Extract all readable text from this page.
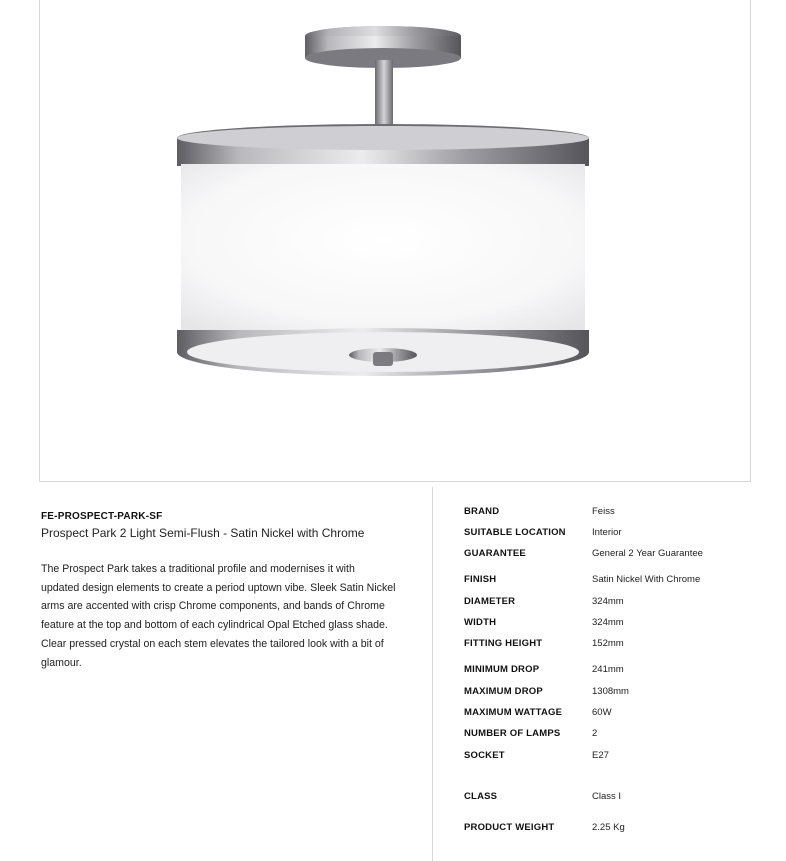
FE-PROSPECT-PARK-SF
Prospect Park 2 Light Semi-Flush - Satin Nickel with Chrome
The Prospect Park takes a traditional profile and modernises it with updated design elements to create a period uptown vibe. Sleek Satin Nickel arms are accented with crisp Chrome components, and bands of Chrome feature at the top and bottom of each cylindrical Opal Etched glass shade. Clear pressed crystal on each stem elevates the tailored look with a bit of glamour.
BRAND	Feiss
SUITABLE LOCATION	Interior
GUARANTEE	General 2 Year Guarantee
FINISH	Satin Nickel With Chrome
DIAMETER	324mm
WIDTH	324mm
FITTING HEIGHT	152mm
MINIMUM DROP	241mm
MAXIMUM DROP	1308mm
MAXIMUM WATTAGE	60W
NUMBER OF LAMPS	2
SOCKET	E27
CLASS	Class I
PRODUCT WEIGHT	2.25 Kg
